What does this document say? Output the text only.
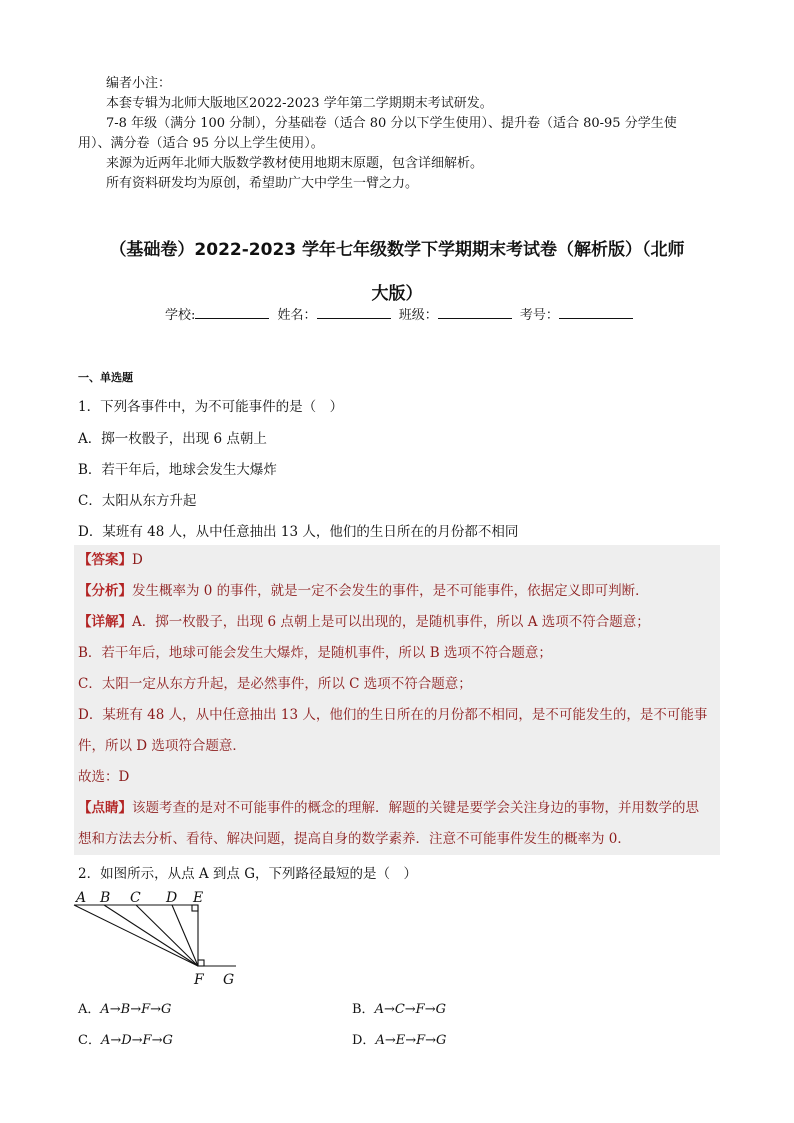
编者小注：
本套专辑为北师大版地区2022-2023 学年第二学期期末考试研发。
7-8 年级（满分 100 分制），分基础卷（适合 80 分以下学生使用）、提升卷（适合 80-95 分学生使
用）、满分卷（适合 95 分以上学生使用）。
来源为近两年北师大版数学教材使用地期末原题，包含详细解析。
所有资料研发均为原创，希望助广大中学生一臂之力。
（基础卷）2022-2023 学年七年级数学下学期期末考试卷（解析版）（北师
大版）
学校:	姓名：	班级：	考号：
一、单选题
1．下列各事件中，为不可能事件的是（　）
A．掷一枚骰子，出现 6 点朝上
B．若干年后，地球会发生大爆炸
C．太阳从东方升起
D．某班有 48 人，从中任意抽出 13 人，他们的生日所在的月份都不相同
【答案】D
【分析】发生概率为 0 的事件，就是一定不会发生的事件，是不可能事件，依据定义即可判断．
【详解】A．掷一枚骰子，出现 6 点朝上是可以出现的，是随机事件，所以 A 选项不符合题意；
B．若干年后，地球可能会发生大爆炸，是随机事件，所以 B 选项不符合题意；
C．太阳一定从东方升起，是必然事件，所以 C 选项不符合题意；
D．某班有 48 人，从中任意抽出 13 人，他们的生日所在的月份都不相同，是不可能发生的，是不可能事
件，所以 D 选项符合题意．
故选：D
【点睛】该题考查的是对不可能事件的概念的理解．解题的关键是要学会关注身边的事物，并用数学的思
想和方法去分析、看待、解决问题，提高自身的数学素养．注意不可能事件发生的概率为 0．
2．如图所示，从点 A 到点 G，下列路径最短的是（　）
A B C D E
F G
A．A→B→F→G	B．A→C→F→G
C．A→D→F→G	D．A→E→F→G
